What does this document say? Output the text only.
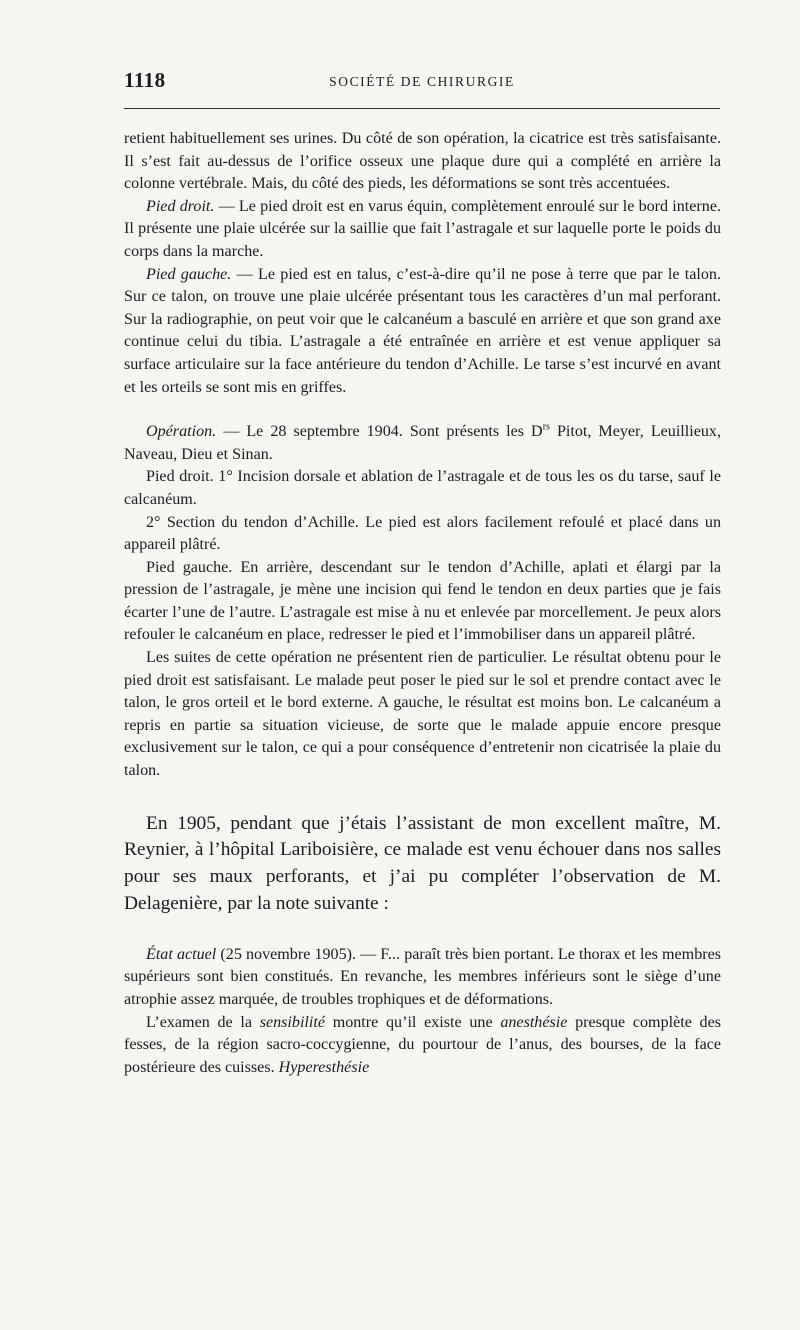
1118	SOCIÉTÉ DE CHIRURGIE

retient habituellement ses urines. Du côté de son opération, la cicatrice est très satisfaisante. Il s’est fait au-dessus de l’orifice osseux une plaque dure qui a complété en arrière la colonne vertébrale. Mais, du côté des pieds, les déformations se sont très accentuées.

Pied droit. — Le pied droit est en varus équin, complètement enroulé sur le bord interne. Il présente une plaie ulcérée sur la saillie que fait l’astragale et sur laquelle porte le poids du corps dans la marche.

Pied gauche. — Le pied est en talus, c’est-à-dire qu’il ne pose à terre que par le talon. Sur ce talon, on trouve une plaie ulcérée présentant tous les caractères d’un mal perforant. Sur la radiographie, on peut voir que le calcanéum a basculé en arrière et que son grand axe continue celui du tibia. L’astragale a été entraînée en arrière et est venue appliquer sa surface articulaire sur la face antérieure du tendon d’Achille. Le tarse s’est incurvé en avant et les orteils se sont mis en griffes.

Opération. — Le 28 septembre 1904. Sont présents les $D^{rs}$ Pitot, Meyer, Leuillieux, Naveau, Dieu et Sinan.

Pied droit. 1° Incision dorsale et ablation de l’astragale et de tous les os du tarse, sauf le calcanéum.

2° Section du tendon d’Achille. Le pied est alors facilement refoulé et placé dans un appareil plâtré.

Pied gauche. En arrière, descendant sur le tendon d’Achille, aplati et élargi par la pression de l’astragale, je mène une incision qui fend le tendon en deux parties que je fais écarter l’une de l’autre. L’astragale est mise à nu et enlevée par morcellement. Je peux alors refouler le calcanéum en place, redresser le pied et l’immobiliser dans un appareil plâtré.

Les suites de cette opération ne présentent rien de particulier. Le résultat obtenu pour le pied droit est satisfaisant. Le malade peut poser le pied sur le sol et prendre contact avec le talon, le gros orteil et le bord externe. A gauche, le résultat est moins bon. Le calcanéum a repris en partie sa situation vicieuse, de sorte que le malade appuie encore presque exclusivement sur le talon, ce qui a pour conséquence d’entretenir non cicatrisée la plaie du talon.

En 1905, pendant que j’étais l’assistant de mon excellent maître, M. Reynier, à l’hôpital Lariboisière, ce malade est venu échouer dans nos salles pour ses maux perforants, et j’ai pu compléter l’observation de M. Delagenière, par la note suivante :

État actuel (25 novembre 1905). — F... paraît très bien portant. Le thorax et les membres supérieurs sont bien constitués. En revanche, les membres inférieurs sont le siège d’une atrophie assez marquée, de troubles trophiques et de déformations.

L’examen de la sensibilité montre qu’il existe une anesthésie presque complète des fesses, de la région sacro-coccygienne, du pourtour de l’anus, des bourses, de la face postérieure des cuisses. Hyperesthésie
